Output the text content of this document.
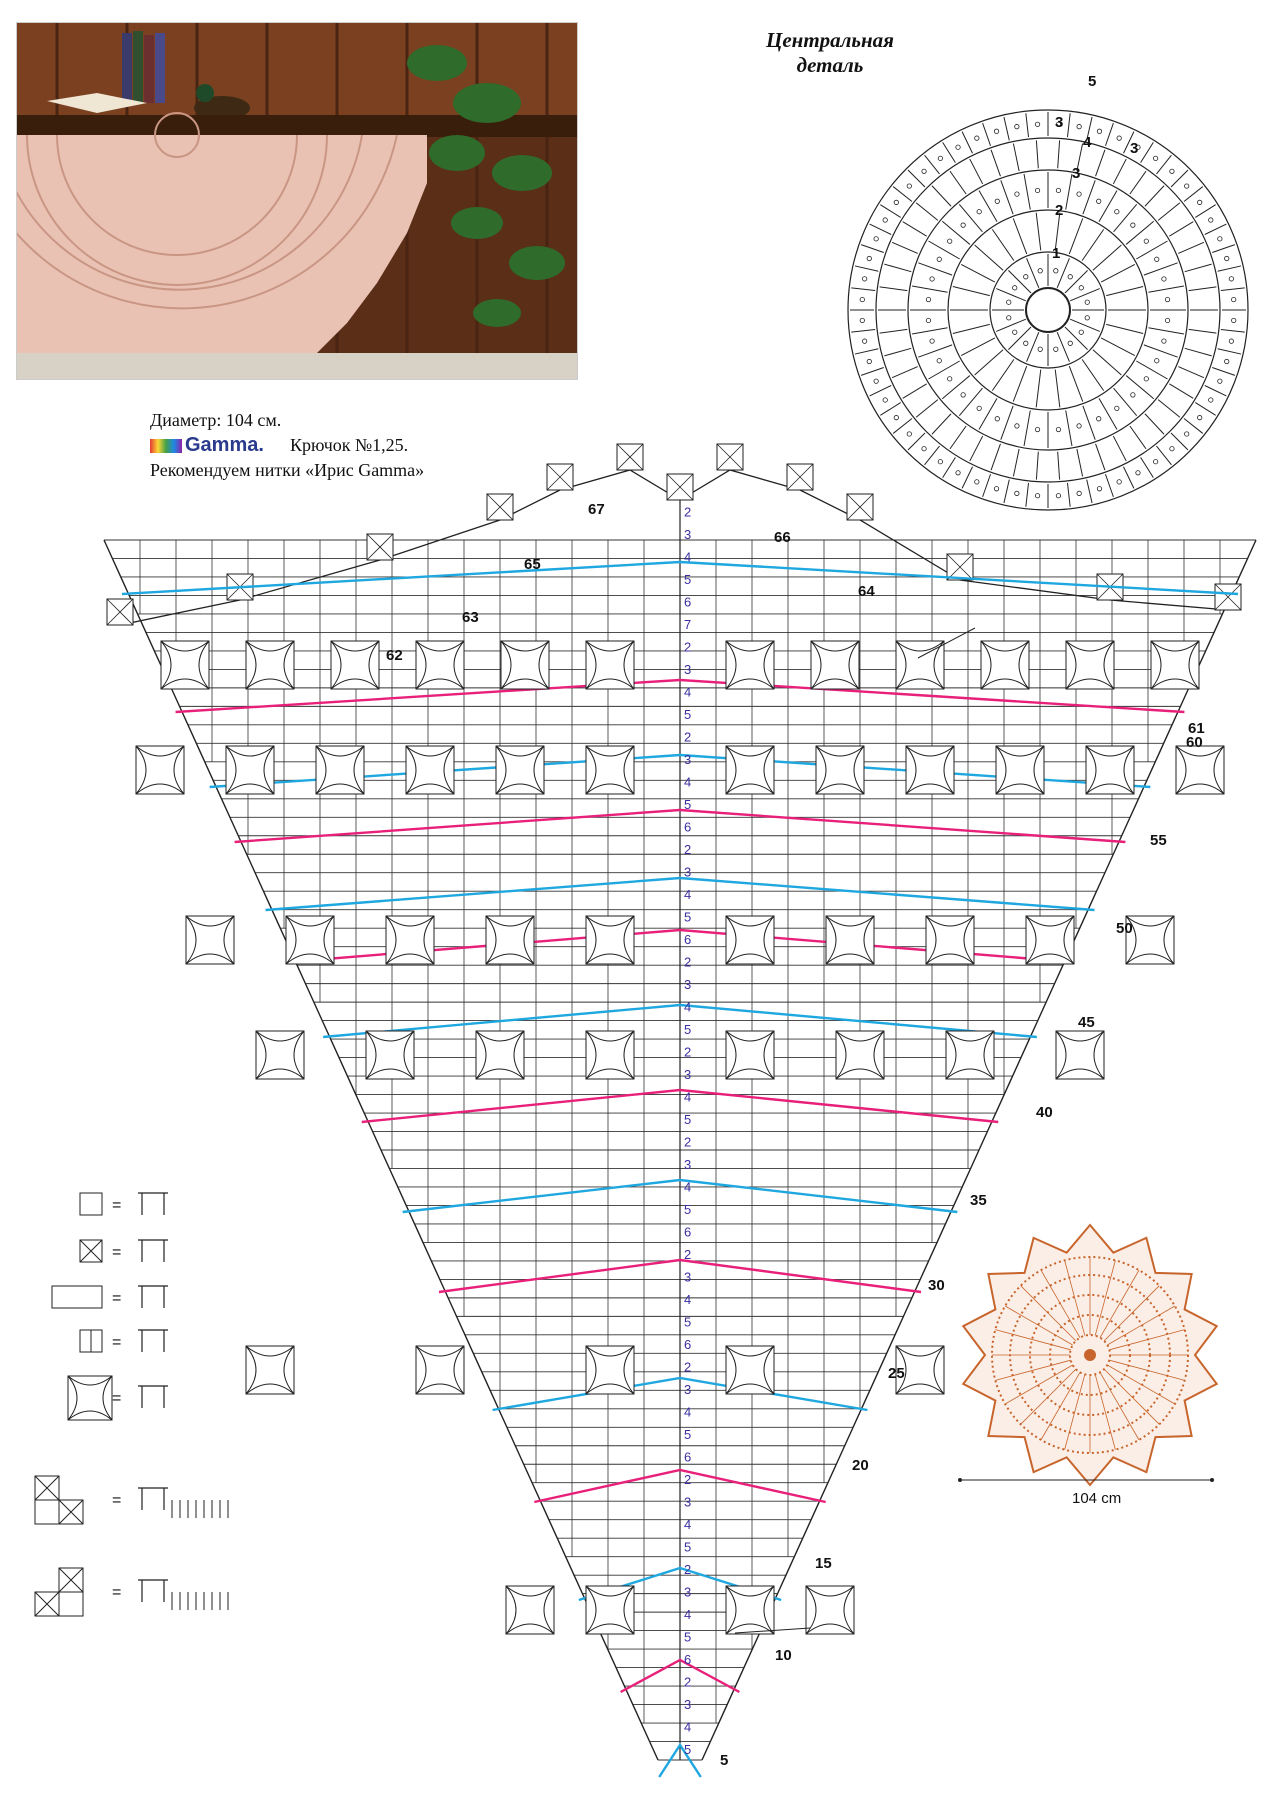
Центральная
деталь
Диаметр: 104 см.
Gamma. Крючок №1,25.
Рекомендуем нитки «Ирис Gamma»
1
2
3
4
5
3
3
5
4
3
2
6
5
4
3
2
5
4
3
2
6
5
4
3
2
6
5
4
3
2
6
5
4
3
2
5
4
3
2
5
4
3
2
6
5
4
3
2
6
5
4
3
2
5
4
3
2
7
6
5
4
3
2
5
10
15
20
25
30
35
40
45
50
55
60
61
62
63
64
65
66
67
=
=
=
=
=
=
=
104 cm
